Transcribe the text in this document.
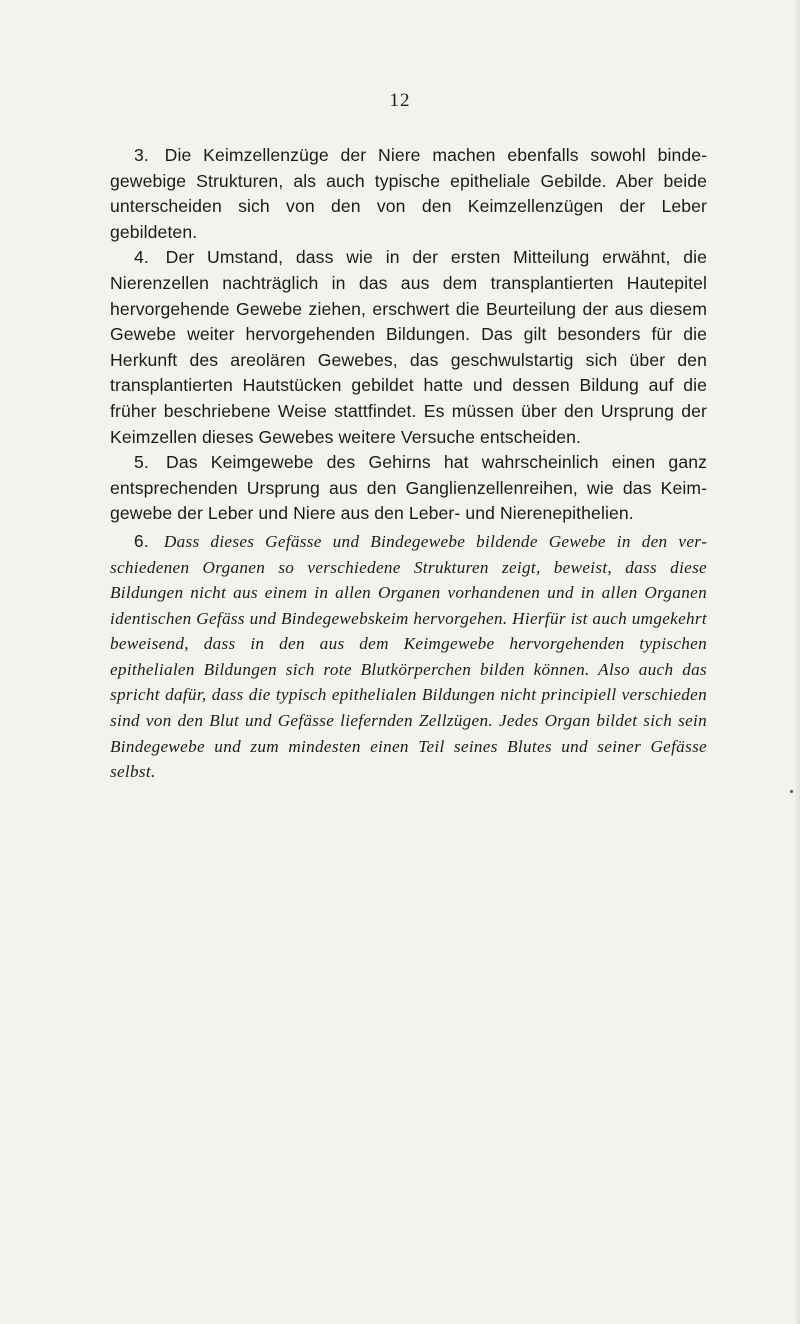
12

3. Die Keimzellenzüge der Niere machen ebenfalls sowohl bindegewebige Strukturen, als auch typische epitheliale Gebilde. Aber beide unterscheiden sich von den von den Keimzellenzügen der Leber gebildeten.

4. Der Umstand, dass wie in der ersten Mitteilung erwähnt, die Nierenzellen nachträglich in das aus dem transplantierten Hautepitel hervorgehende Gewebe ziehen, erschwert die Beurteilung der aus diesem Gewebe weiter hervorgehenden Bildungen. Das gilt besonders für die Herkunft des areolären Gewebes, das geschwulstartig sich über den transplantierten Hautstücken gebildet hatte und dessen Bildung auf die früher beschriebene Weise stattfindet. Es müssen über den Ursprung der Keimzellen dieses Gewebes weitere Versuche entscheiden.

5. Das Keimgewebe des Gehirns hat wahrscheinlich einen ganz entsprechenden Ursprung aus den Ganglienzellenreihen, wie das Keimgewebe der Leber und Niere aus den Leber- und Nierenepithelien.

6. Dass dieses Gefässe und Bindegewebe bildende Gewebe in den verschiedenen Organen so verschiedene Strukturen zeigt, beweist, dass diese Bildungen nicht aus einem in allen Organen vorhandenen und in allen Organen identischen Gefäss und Bindegewebskeim hervorgehen. Hierfür ist auch umgekehrt beweisend, dass in den aus dem Keimgewebe hervorgehenden typischen epithelialen Bildungen sich rote Blutkörperchen bilden können. Also auch das spricht dafür, dass die typisch epithelialen Bildungen nicht principiell verschieden sind von den Blut und Gefässe liefernden Zellzügen. Jedes Organ bildet sich sein Bindegewebe und zum mindesten einen Teil seines Blutes und seiner Gefässe selbst.
